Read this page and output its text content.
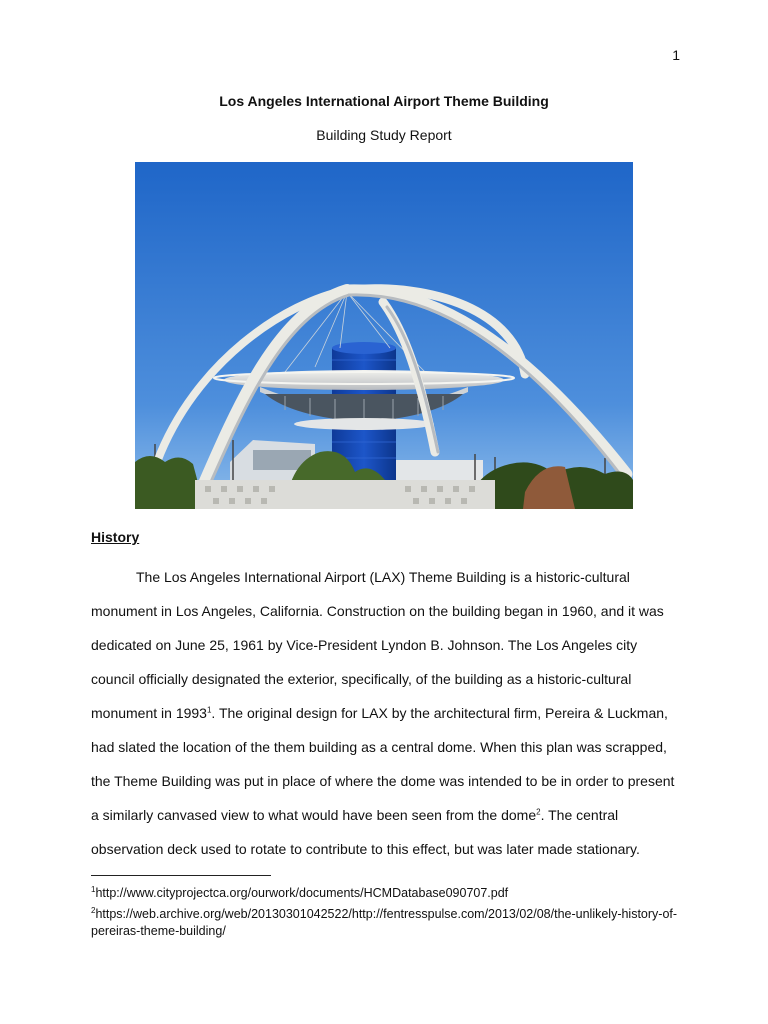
1
Los Angeles International Airport Theme Building
Building Study Report
History

The Los Angeles International Airport (LAX) Theme Building is a historic-cultural monument in Los Angeles, California. Construction on the building began in 1960, and it was dedicated on June 25, 1961 by Vice-President Lyndon B. Johnson. The Los Angeles city council officially designated the exterior, specifically, of the building as a historic-cultural monument in 1993$^1$. The original design for LAX by the architectural firm, Pereira & Luckman, had slated the location of the them building as a central dome. When this plan was scrapped, the Theme Building was put in place of where the dome was intended to be in order to present a similarly canvased view to what would have been seen from the dome$^2$. The central observation deck used to rotate to contribute to this effect, but was later made stationary.

$^1$http://www.cityprojectca.org/ourwork/documents/HCMDatabase090707.pdf

$^2$https://web.archive.org/web/20130301042522/http://fentresspulse.com/2013/02/08/the-unlikely-history-of-pereiras-theme-building/
